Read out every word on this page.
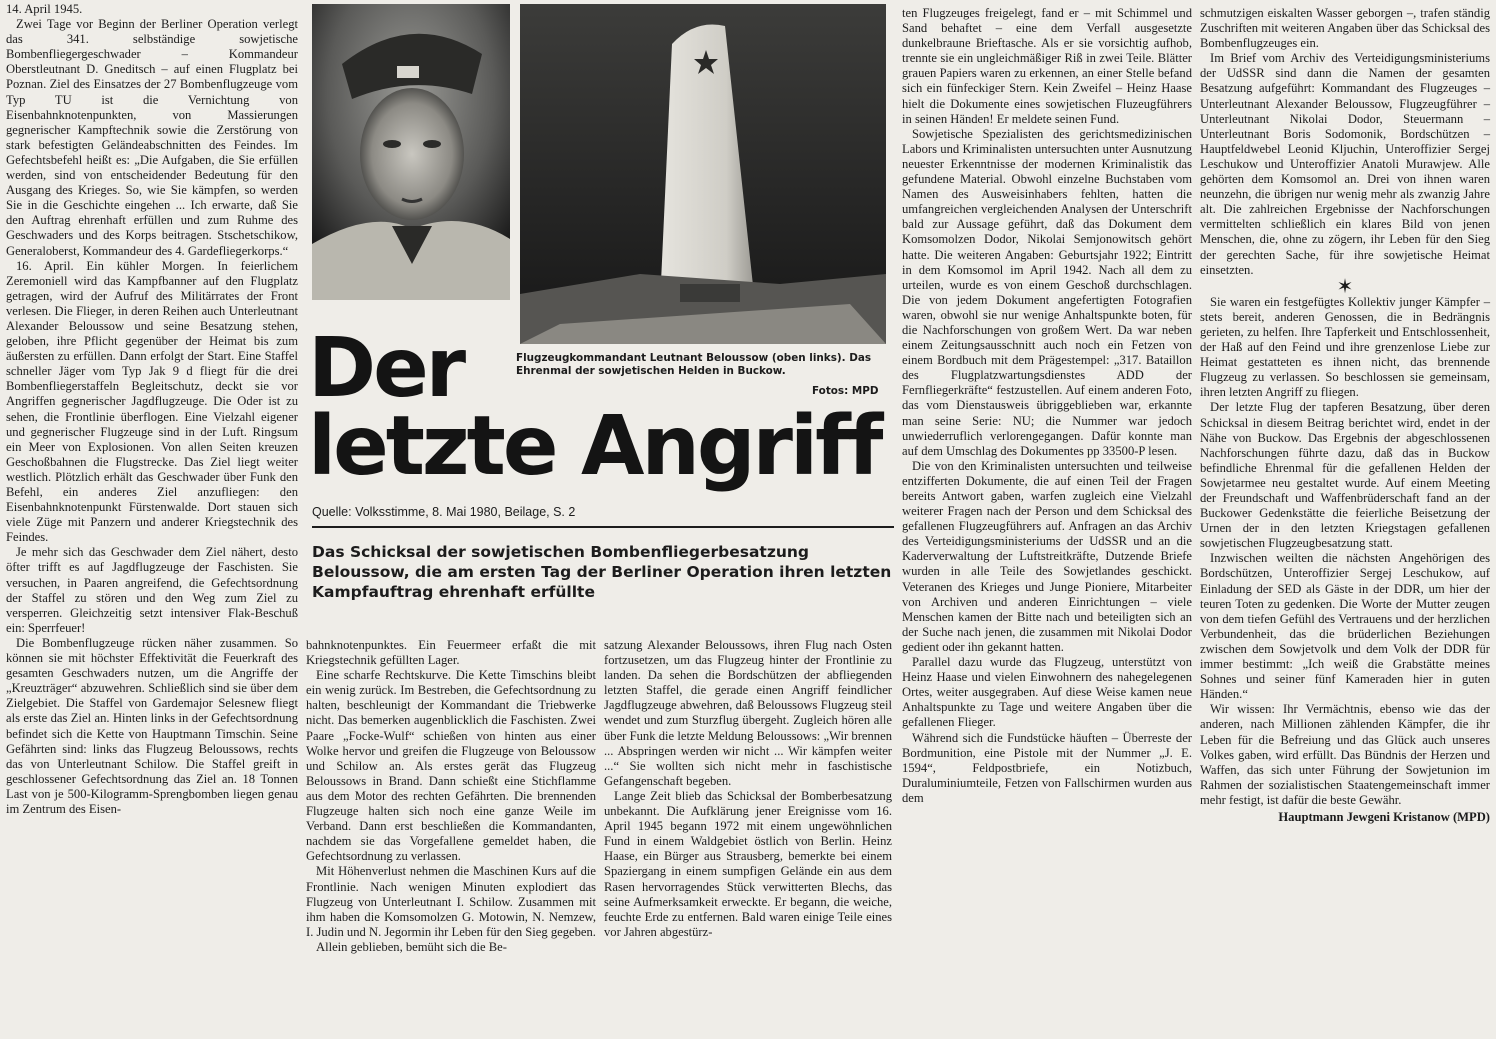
14. April 1945.

Zwei Tage vor Beginn der Berliner Operation verlegt das 341. selbständige sowjetische Bombenfliegergeschwader – Kommandeur Oberstleutnant D. Gneditsch – auf einen Flugplatz bei Poznan. Ziel des Einsatzes der 27 Bombenflugzeuge vom Typ TU ist die Vernichtung von Eisenbahnknotenpunkten, von Massierungen gegnerischer Kampftechnik sowie die Zerstörung von stark befestigten Geländeabschnitten des Feindes. Im Gefechtsbefehl heißt es: „Die Aufgaben, die Sie erfüllen werden, sind von entscheidender Bedeutung für den Ausgang des Krieges. So, wie Sie kämpfen, so werden Sie in die Geschichte eingehen ... Ich erwarte, daß Sie den Auftrag ehrenhaft erfüllen und zum Ruhme des Geschwaders und des Korps beitragen. Stschetschikow, Generaloberst, Kommandeur des 4. Gardefliegerkorps.“

16. April. Ein kühler Morgen. In feierlichem Zeremoniell wird das Kampfbanner auf den Flugplatz getragen, wird der Aufruf des Militärrates der Front verlesen. Die Flieger, in deren Reihen auch Unterleutnant Alexander Beloussow und seine Besatzung stehen, geloben, ihre Pflicht gegenüber der Heimat bis zum äußersten zu erfüllen. Dann erfolgt der Start. Eine Staffel schneller Jäger vom Typ Jak 9 d fliegt für die drei Bombenfliegerstaffeln Begleitschutz, deckt sie vor Angriffen gegnerischer Jagdflugzeuge. Die Oder ist zu sehen, die Frontlinie überflogen. Eine Vielzahl eigener und gegnerischer Flugzeuge sind in der Luft. Ringsum ein Meer von Explosionen. Von allen Seiten kreuzen Geschoßbahnen die Flugstrecke. Das Ziel liegt weiter westlich. Plötzlich erhält das Geschwader über Funk den Befehl, ein anderes Ziel anzufliegen: den Eisenbahnknotenpunkt Fürstenwalde. Dort stauen sich viele Züge mit Panzern und anderer Kriegstechnik des Feindes.

Je mehr sich das Geschwader dem Ziel nähert, desto öfter trifft es auf Jagdflugzeuge der Faschisten. Sie versuchen, in Paaren angreifend, die Gefechtsordnung der Staffel zu stören und den Weg zum Ziel zu versperren. Gleichzeitig setzt intensiver Flak-Beschuß ein: Sperrfeuer!

Die Bombenflugzeuge rücken näher zusammen. So können sie mit höchster Effektivität die Feuerkraft des gesamten Geschwaders nutzen, um die Angriffe der „Kreuzträger“ abzuwehren. Schließlich sind sie über dem Zielgebiet. Die Staffel von Gardemajor Selesnew fliegt als erste das Ziel an. Hinten links in der Gefechtsordnung befindet sich die Kette von Hauptmann Timschin. Seine Gefährten sind: links das Flugzeug Beloussows, rechts das von Unterleutnant Schilow. Die Staffel greift in geschlossener Gefechtsordnung das Ziel an. 18 Tonnen Last von je 500-Kilogramm-Sprengbomben liegen genau im Zentrum des Eisen-

Flugzeugkommandant Leutnant Beloussow (oben links). Das Ehrenmal der sowjetischen Helden in Buckow.
Fotos: MPD
Der
letzte Angriff
Quelle: Volksstimme, 8. Mai 1980, Beilage, S. 2
Das Schicksal der sowjetischen Bombenfliegerbesatzung Beloussow, die am ersten Tag der Berliner Operation ihren letzten Kampfauftrag ehrenhaft erfüllte

bahnknotenpunktes. Ein Feuermeer erfaßt die mit Kriegstechnik gefüllten Lager.

Eine scharfe Rechtskurve. Die Kette Timschins bleibt ein wenig zurück. Im Bestreben, die Gefechtsordnung zu halten, beschleunigt der Kommandant die Triebwerke nicht. Das bemerken augenblicklich die Faschisten. Zwei Paare „Focke-Wulf“ schießen von hinten aus einer Wolke hervor und greifen die Flugzeuge von Beloussow und Schilow an. Als erstes gerät das Flugzeug Beloussows in Brand. Dann schießt eine Stichflamme aus dem Motor des rechten Gefährten. Die brennenden Flugzeuge halten sich noch eine ganze Weile im Verband. Dann erst beschließen die Kommandanten, nachdem sie das Vorgefallene gemeldet haben, die Gefechtsordnung zu verlassen.

Mit Höhenverlust nehmen die Maschinen Kurs auf die Frontlinie. Nach wenigen Minuten explodiert das Flugzeug von Unterleutnant I. Schilow. Zusammen mit ihm haben die Komsomolzen G. Motowin, N. Nemzew, I. Judin und N. Jegormin ihr Leben für den Sieg gegeben.

Allein geblieben, bemüht sich die Be-

satzung Alexander Beloussows, ihren Flug nach Osten fortzusetzen, um das Flugzeug hinter der Frontlinie zu landen. Da sehen die Bordschützen der abfliegenden letzten Staffel, die gerade einen Angriff feindlicher Jagdflugzeuge abwehren, daß Beloussows Flugzeug steil wendet und zum Sturzflug übergeht. Zugleich hören alle über Funk die letzte Meldung Beloussows: „Wir brennen ... Abspringen werden wir nicht ... Wir kämpfen weiter ...“ Sie wollten sich nicht mehr in faschistische Gefangenschaft begeben.

Lange Zeit blieb das Schicksal der Bomberbesatzung unbekannt. Die Aufklärung jener Ereignisse vom 16. April 1945 begann 1972 mit einem ungewöhnlichen Fund in einem Waldgebiet östlich von Berlin. Heinz Haase, ein Bürger aus Strausberg, bemerkte bei einem Spaziergang in einem sumpfigen Gelände ein aus dem Rasen hervorragendes Stück verwitterten Blechs, das seine Aufmerksamkeit erweckte. Er begann, die weiche, feuchte Erde zu entfernen. Bald waren einige Teile eines vor Jahren abgestürz-

ten Flugzeuges freigelegt, fand er – mit Schimmel und Sand behaftet – eine dem Verfall ausgesetzte dunkelbraune Brieftasche. Als er sie vorsichtig aufhob, trennte sie ein ungleichmäßiger Riß in zwei Teile. Blätter grauen Papiers waren zu erkennen, an einer Stelle befand sich ein fünfeckiger Stern. Kein Zweifel – Heinz Haase hielt die Dokumente eines sowjetischen Fluzeugführers in seinen Händen! Er meldete seinen Fund.

Sowjetische Spezialisten des gerichtsmedizinischen Labors und Kriminalisten untersuchten unter Ausnutzung neuester Erkenntnisse der modernen Kriminalistik das gefundene Material. Obwohl einzelne Buchstaben vom Namen des Ausweisinhabers fehlten, hatten die umfangreichen vergleichenden Analysen der Unterschrift bald zur Aussage geführt, daß das Dokument dem Komsomolzen Dodor, Nikolai Semjonowitsch gehört hatte. Die weiteren Angaben: Geburtsjahr 1922; Eintritt in dem Komsomol im April 1942. Nach all dem zu urteilen, wurde es von einem Geschoß durchschlagen. Die von jedem Dokument angefertigten Fotografien waren, obwohl sie nur wenige Anhaltspunkte boten, für die Nachforschungen von großem Wert. Da war neben einem Zeitungsausschnitt auch noch ein Fetzen von einem Bordbuch mit dem Prägestempel: „317. Bataillon des Flugplatzwartungsdienstes ADD der Fernfliegerkräfte“ festzustellen. Auf einem anderen Foto, das vom Dienstausweis übriggeblieben war, erkannte man seine Serie: NU; die Nummer war jedoch unwiederruflich verlorengegangen. Dafür konnte man auf dem Umschlag des Dokumentes pp 33500-P lesen.

Die von den Kriminalisten untersuchten und teilweise entzifferten Dokumente, die auf einen Teil der Fragen bereits Antwort gaben, warfen zugleich eine Vielzahl weiterer Fragen nach der Person und dem Schicksal des gefallenen Flugzeugführers auf. Anfragen an das Archiv des Verteidigungsministeriums der UdSSR und an die Kaderverwaltung der Luftstreitkräfte, Dutzende Briefe wurden in alle Teile des Sowjetlandes geschickt. Veteranen des Krieges und Junge Pioniere, Mitarbeiter von Archiven und anderen Einrichtungen – viele Menschen kamen der Bitte nach und beteiligten sich an der Suche nach jenen, die zusammen mit Nikolai Dodor gedient oder ihn gekannt hatten.

Parallel dazu wurde das Flugzeug, unterstützt von Heinz Haase und vielen Einwohnern des nahegelegenen Ortes, weiter ausgegraben. Auf diese Weise kamen neue Anhaltspunkte zu Tage und weitere Angaben über die gefallenen Flieger.

Während sich die Fundstücke häuften – Überreste der Bordmunition, eine Pistole mit der Nummer „J. E. 1594“, Feldpostbriefe, ein Notizbuch, Duraluminiumteile, Fetzen von Fallschirmen wurden aus dem

schmutzigen eiskalten Wasser geborgen –, trafen ständig Zuschriften mit weiteren Angaben über das Schicksal des Bombenflugzeuges ein.

Im Brief vom Archiv des Verteidigungsministeriums der UdSSR sind dann die Namen der gesamten Besatzung aufgeführt: Kommandant des Flugzeuges – Unterleutnant Alexander Beloussow, Flugzeugführer – Unterleutnant Nikolai Dodor, Steuermann – Unterleutnant Boris Sodomonik, Bordschützen – Hauptfeldwebel Leonid Kljuchin, Unteroffizier Sergej Leschukow und Unteroffizier Anatoli Murawjew. Alle gehörten dem Komsomol an. Drei von ihnen waren neunzehn, die übrigen nur wenig mehr als zwanzig Jahre alt. Die zahlreichen Ergebnisse der Nachforschungen vermittelten schließlich ein klares Bild von jenen Menschen, die, ohne zu zögern, ihr Leben für den Sieg der gerechten Sache, für ihre sowjetische Heimat einsetzten.

✶

Sie waren ein festgefügtes Kollektiv junger Kämpfer – stets bereit, anderen Genossen, die in Bedrängnis gerieten, zu helfen. Ihre Tapferkeit und Entschlossenheit, der Haß auf den Feind und ihre grenzenlose Liebe zur Heimat gestatteten es ihnen nicht, das brennende Flugzeug zu verlassen. So beschlossen sie gemeinsam, ihren letzten Angriff zu fliegen.

Der letzte Flug der tapferen Besatzung, über deren Schicksal in diesem Beitrag berichtet wird, endet in der Nähe von Buckow. Das Ergebnis der abgeschlossenen Nachforschungen führte dazu, daß das in Buckow befindliche Ehrenmal für die gefallenen Helden der Sowjetarmee neu gestaltet wurde. Auf einem Meeting der Freundschaft und Waffenbrüderschaft fand an der Buckower Gedenkstätte die feierliche Beisetzung der Urnen der in den letzten Kriegstagen gefallenen sowjetischen Flugzeugbesatzung statt.

Inzwischen weilten die nächsten Angehörigen des Bordschützen, Unteroffizier Sergej Leschukow, auf Einladung der SED als Gäste in der DDR, um hier der teuren Toten zu gedenken. Die Worte der Mutter zeugen von dem tiefen Gefühl des Vertrauens und der herzlichen Verbundenheit, das die brüderlichen Beziehungen zwischen dem Sowjetvolk und dem Volk der DDR für immer bestimmt: „Ich weiß die Grabstätte meines Sohnes und seiner fünf Kameraden hier in guten Händen.“

Wir wissen: Ihr Vermächtnis, ebenso wie das der anderen, nach Millionen zählenden Kämpfer, die ihr Leben für die Befreiung und das Glück auch unseres Volkes gaben, wird erfüllt. Das Bündnis der Herzen und Waffen, das sich unter Führung der Sowjetunion im Rahmen der sozialistischen Staatengemeinschaft immer mehr festigt, ist dafür die beste Gewähr.

Hauptmann Jewgeni Kristanow (MPD)
